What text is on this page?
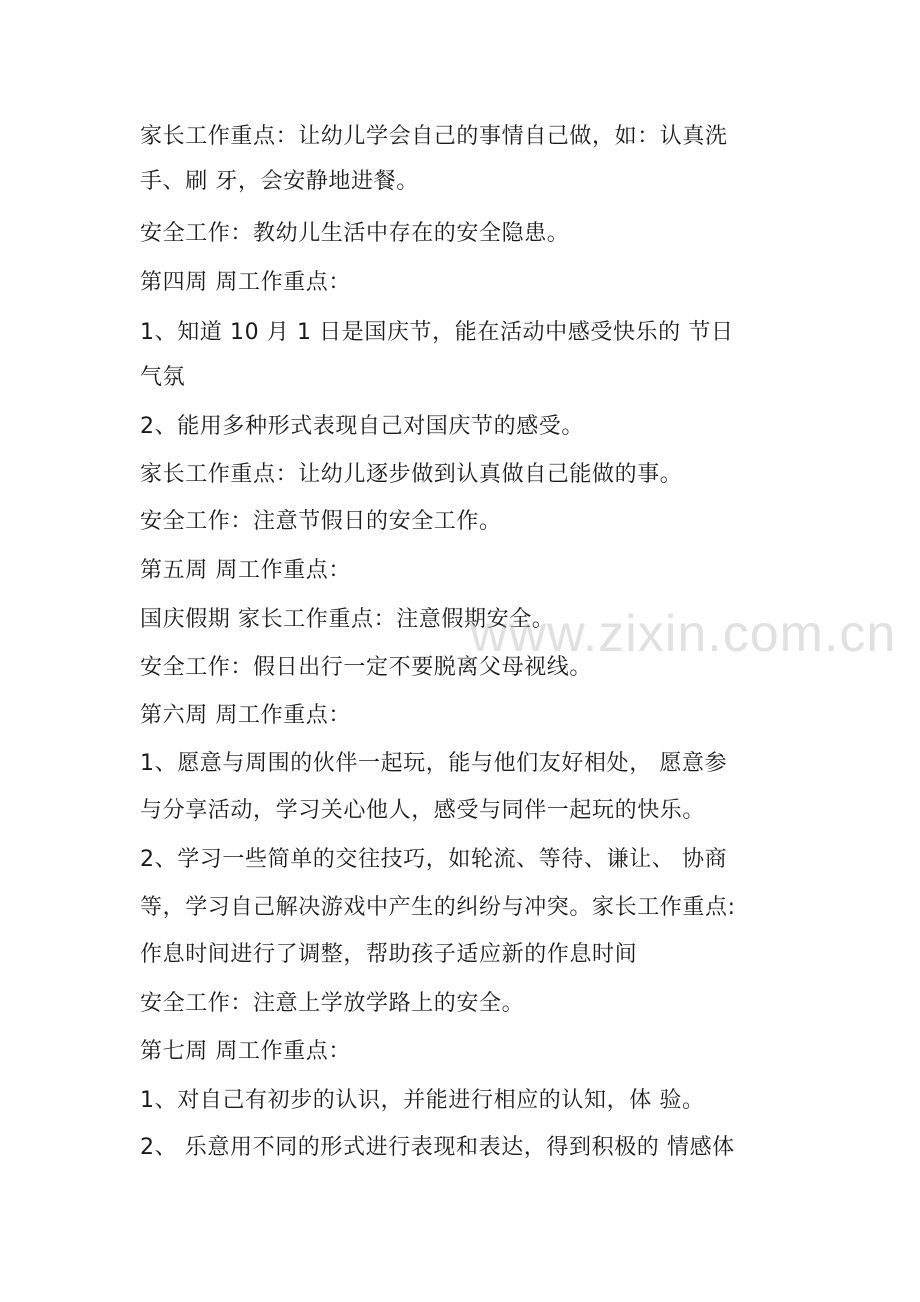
家长工作重点：让幼儿学会自己的事情自己做，如：认真洗
手、刷 牙，会安静地进餐。
安全工作：教幼儿生活中存在的安全隐患。
第四周 周工作重点：
1、知道 10 月 1 日是国庆节，能在活动中感受快乐的 节日
气氛
2、能用多种形式表现自己对国庆节的感受。
家长工作重点：让幼儿逐步做到认真做自己能做的事。
安全工作：注意节假日的安全工作。
第五周 周工作重点：
国庆假期 家长工作重点：注意假期安全。
安全工作：假日出行一定不要脱离父母视线。
第六周 周工作重点：
1、愿意与周围的伙伴一起玩，能与他们友好相处， 愿意参
与分享活动，学习关心他人，感受与同伴一起玩的快乐。
2、学习一些简单的交往技巧，如轮流、等待、谦让、 协商
等，学习自己解决游戏中产生的纠纷与冲突。家长工作重点:
作息时间进行了调整，帮助孩子适应新的作息时间
安全工作：注意上学放学路上的安全。
第七周 周工作重点：
1、对自己有初步的认识，并能进行相应的认知，体 验。
2、 乐意用不同的形式进行表现和表达，得到积极的 情感体
www.zixin.com.cn
